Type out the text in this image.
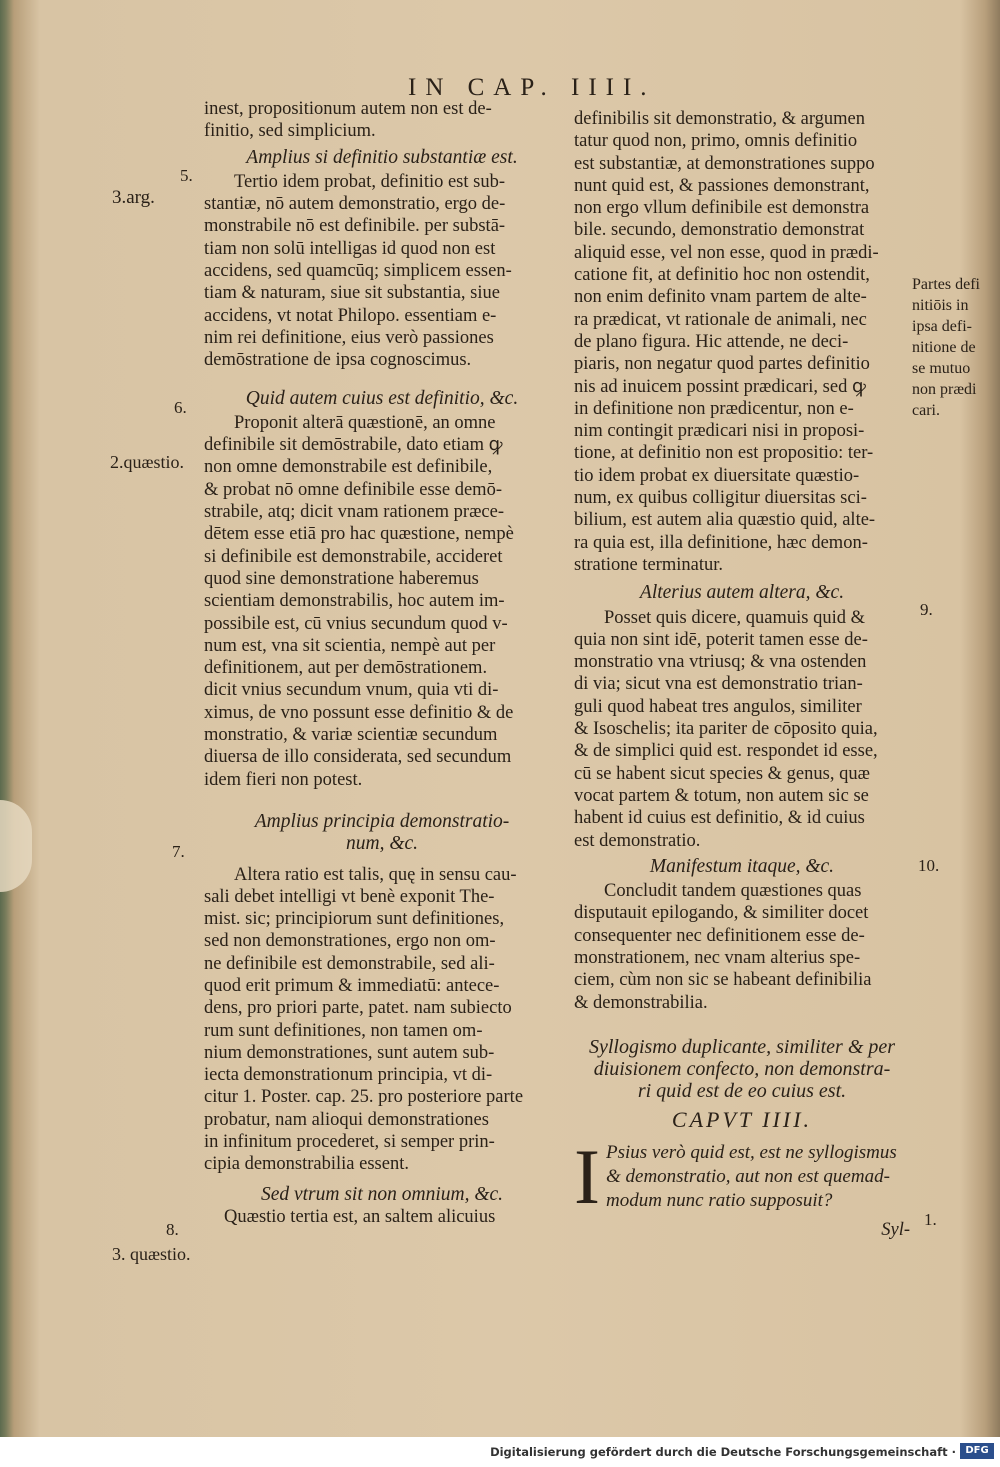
IN CAP. IIII.
5.
3.arg.
6.
2.quæstio.
7.
8.
3. quæstio.
inest, propositionum autem non est de-
finitio, sed simplicium.
Amplius si definitio substantiæ est.
Tertio idem probat, definitio est sub-
stantiæ, nō autem demonstratio, ergo de-
monstrabile nō est definibile. per substā-
tiam non solū intelligas id quod non est
accidens, sed quamcūq; simplicem essen-
tiam & naturam, siue sit substantia, siue
accidens, vt notat Philopo. essentiam e-
nim rei definitione, eius verò passiones
demōstratione de ipsa cognoscimus.
Quid autem cuius est definitio, &c.
Proponit alterā quæstionē, an omne
definibile sit demōstrabile, dato etiam ꝙ
non omne demonstrabile est definibile,
& probat nō omne definibile esse demō-
strabile, atq; dicit vnam rationem præce-
dētem esse etiā pro hac quæstione, nempè
si definibile est demonstrabile, accideret
quod sine demonstratione haberemus
scientiam demonstrabilis, hoc autem im-
possibile est, cū vnius secundum quod v-
num est, vna sit scientia, nempè aut per
definitionem, aut per demōstrationem.
dicit vnius secundum vnum, quia vti di-
ximus, de vno possunt esse definitio & de
monstratio, & variæ scientiæ secundum
diuersa de illo considerata, sed secundum
idem fieri non potest.
Amplius principia demonstratio-
num, &c.
Altera ratio est talis, quę in sensu cau-
sali debet intelligi vt benè exponit The-
mist. sic; principiorum sunt definitiones,
sed non demonstrationes, ergo non om-
ne definibile est demonstrabile, sed ali-
quod erit primum & immediatū: antece-
dens, pro priori parte, patet. nam subiecto
rum sunt definitiones, non tamen om-
nium demonstrationes, sunt autem sub-
iecta demonstrationum principia, vt di-
citur 1. Poster. cap. 25. pro posteriore parte
probatur, nam alioqui demonstrationes
in infinitum procederet, si semper prin-
cipia demonstrabilia essent.
Sed vtrum sit non omnium, &c.
Quæstio tertia est, an saltem alicuius
definibilis sit demonstratio, & argumen
tatur quod non, primo, omnis definitio
est substantiæ, at demonstrationes suppo
nunt quid est, & passiones demonstrant,
non ergo vllum definibile est demonstra
bile. secundo, demonstratio demonstrat
aliquid esse, vel non esse, quod in prædi-
catione fit, at definitio hoc non ostendit,
non enim definito vnam partem de alte-
ra prædicat, vt rationale de animali, nec
de plano figura. Hic attende, ne deci-
piaris, non negatur quod partes definitio
nis ad inuicem possint prædicari, sed ꝙ
in definitione non prædicentur, non e-
nim contingit prædicari nisi in proposi-
tione, at definitio non est propositio: ter-
tio idem probat ex diuersitate quæstio-
num, ex quibus colligitur diuersitas sci-
bilium, est autem alia quæstio quid, alte-
ra quia est, illa definitione, hæc demon-
stratione terminatur.
Alterius autem altera, &c.
Posset quis dicere, quamuis quid &
quia non sint idē, poterit tamen esse de-
monstratio vna vtriusq; & vna ostenden
di via; sicut vna est demonstratio trian-
guli quod habeat tres angulos, similiter
& Isoschelis; ita pariter de cōposito quia,
& de simplici quid est. respondet id esse,
cū se habent sicut species & genus, quæ
vocat partem & totum, non autem sic se
habent id cuius est definitio, & id cuius
est demonstratio.
Manifestum itaque, &c.
Concludit tandem quæstiones quas
disputauit epilogando, & similiter docet
consequenter nec definitionem esse de-
monstrationem, nec vnam alterius spe-
ciem, cùm non sic se habeant definibilia
& demonstrabilia.
Syllogismo duplicante, similiter & per
diuisionem confecto, non demonstra-
ri quid est de eo cuius est.
CAPVT IIII.
I Psius verò quid est, est ne syllogismus
& demonstratio, aut non est quemad-
modum nunc ratio supposuit?
Syl-
Partes defi
nitiōis in
ipsa defi-
nitione de
se mutuo
non prædi
cari.
9.
10.
1.
Digitalisierung gefördert durch die Deutsche Forschungsgemeinschaft · DFG
